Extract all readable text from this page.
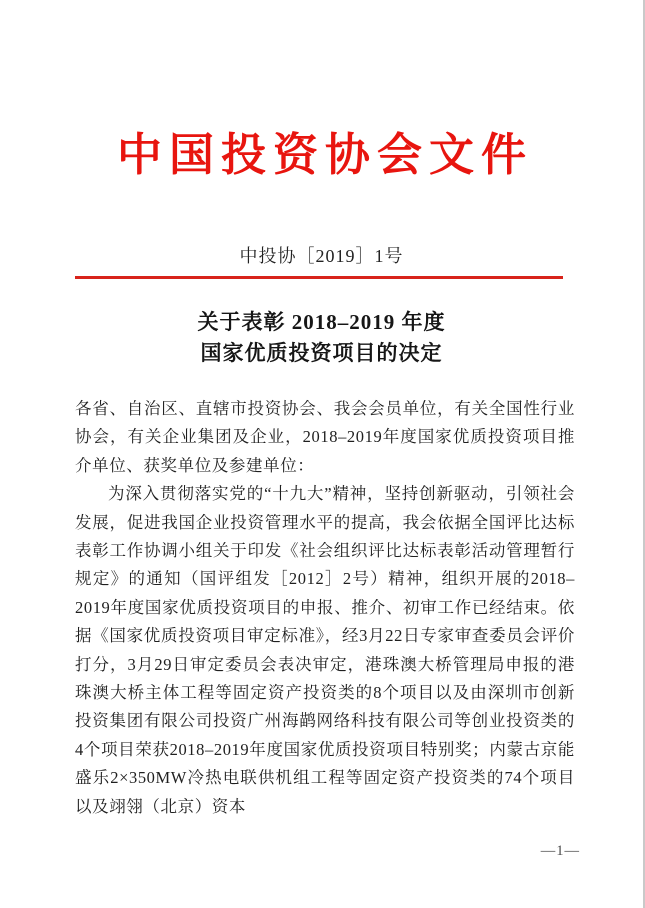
中国投资协会文件
中投协［2019］1号
关于表彰 2018–2019 年度
国家优质投资项目的决定

各省、自治区、直辖市投资协会、我会会员单位，有关全国性行业协会，有关企业集团及企业，2018–2019年度国家优质投资项目推介单位、获奖单位及参建单位：

为深入贯彻落实党的“十九大”精神，坚持创新驱动，引领社会发展，促进我国企业投资管理水平的提高，我会依据全国评比达标表彰工作协调小组关于印发《社会组织评比达标表彰活动管理暂行规定》的通知（国评组发［2012］2号）精神，组织开展的2018–2019年度国家优质投资项目的申报、推介、初审工作已经结束。依据《国家优质投资项目审定标准》，经3月22日专家审查委员会评价打分，3月29日审定委员会表决审定，港珠澳大桥管理局申报的港珠澳大桥主体工程等固定资产投资类的8个项目以及由深圳市创新投资集团有限公司投资广州海鹋网络科技有限公司等创业投资类的4个项目荣获2018–2019年度国家优质投资项目特别奖；内蒙古京能盛乐2×350MW冷热电联供机组工程等固定资产投资类的74个项目以及翊翎（北京）资本

—1—
